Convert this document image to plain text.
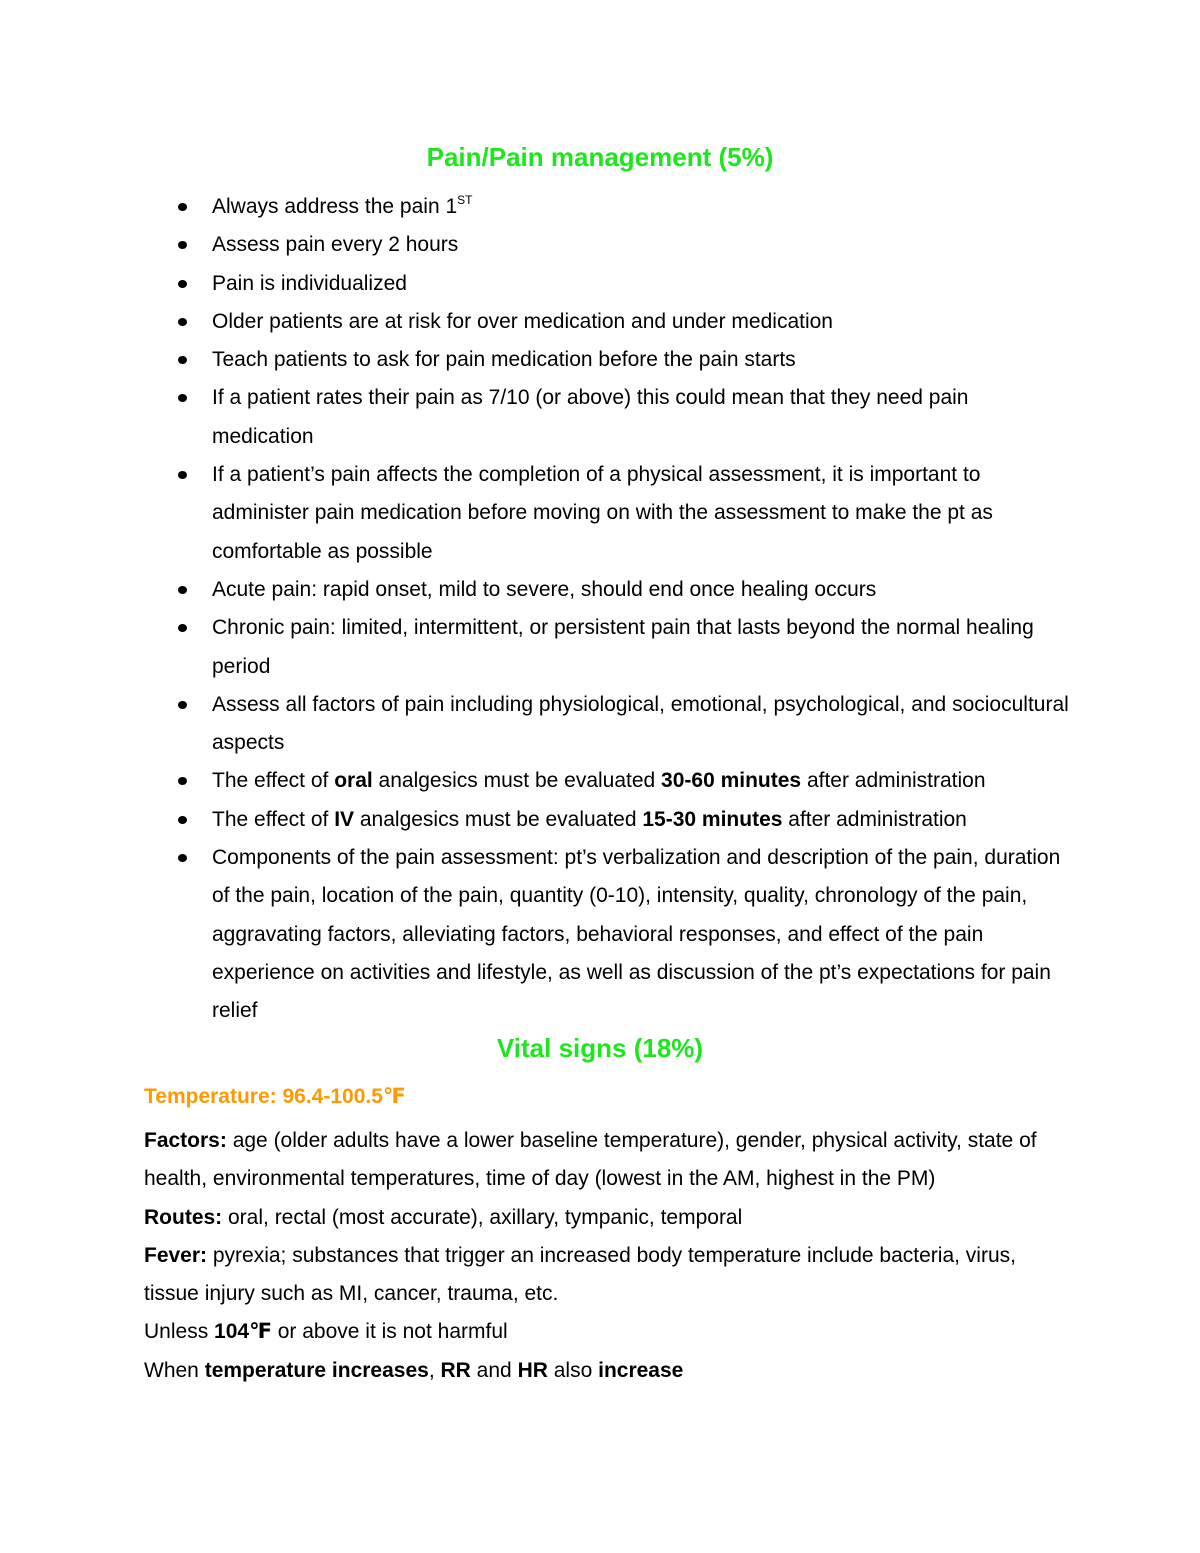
Pain/Pain management (5%)
Always address the pain 1ST
Assess pain every 2 hours
Pain is individualized
Older patients are at risk for over medication and under medication
Teach patients to ask for pain medication before the pain starts
If a patient rates their pain as 7/10 (or above) this could mean that they need pain medication
If a patient’s pain affects the completion of a physical assessment, it is important to administer pain medication before moving on with the assessment to make the pt as comfortable as possible
Acute pain: rapid onset, mild to severe, should end once healing occurs
Chronic pain: limited, intermittent, or persistent pain that lasts beyond the normal healing period
Assess all factors of pain including physiological, emotional, psychological, and sociocultural aspects
The effect of oral analgesics must be evaluated 30-60 minutes after administration
The effect of IV analgesics must be evaluated 15-30 minutes after administration
Components of the pain assessment: pt’s verbalization and description of the pain, duration of the pain, location of the pain, quantity (0-10), intensity, quality, chronology of the pain, aggravating factors, alleviating factors, behavioral responses, and effect of the pain experience on activities and lifestyle, as well as discussion of the pt’s expectations for pain relief
Vital signs (18%)
Temperature: 96.4-100.5℉

Factors: age (older adults have a lower baseline temperature), gender, physical activity, state of health, environmental temperatures, time of day (lowest in the AM, highest in the PM)

Routes: oral, rectal (most accurate), axillary, tympanic, temporal

Fever: pyrexia; substances that trigger an increased body temperature include bacteria, virus, tissue injury such as MI, cancer, trauma, etc.

Unless 104℉ or above it is not harmful

When temperature increases, RR and HR also increase
